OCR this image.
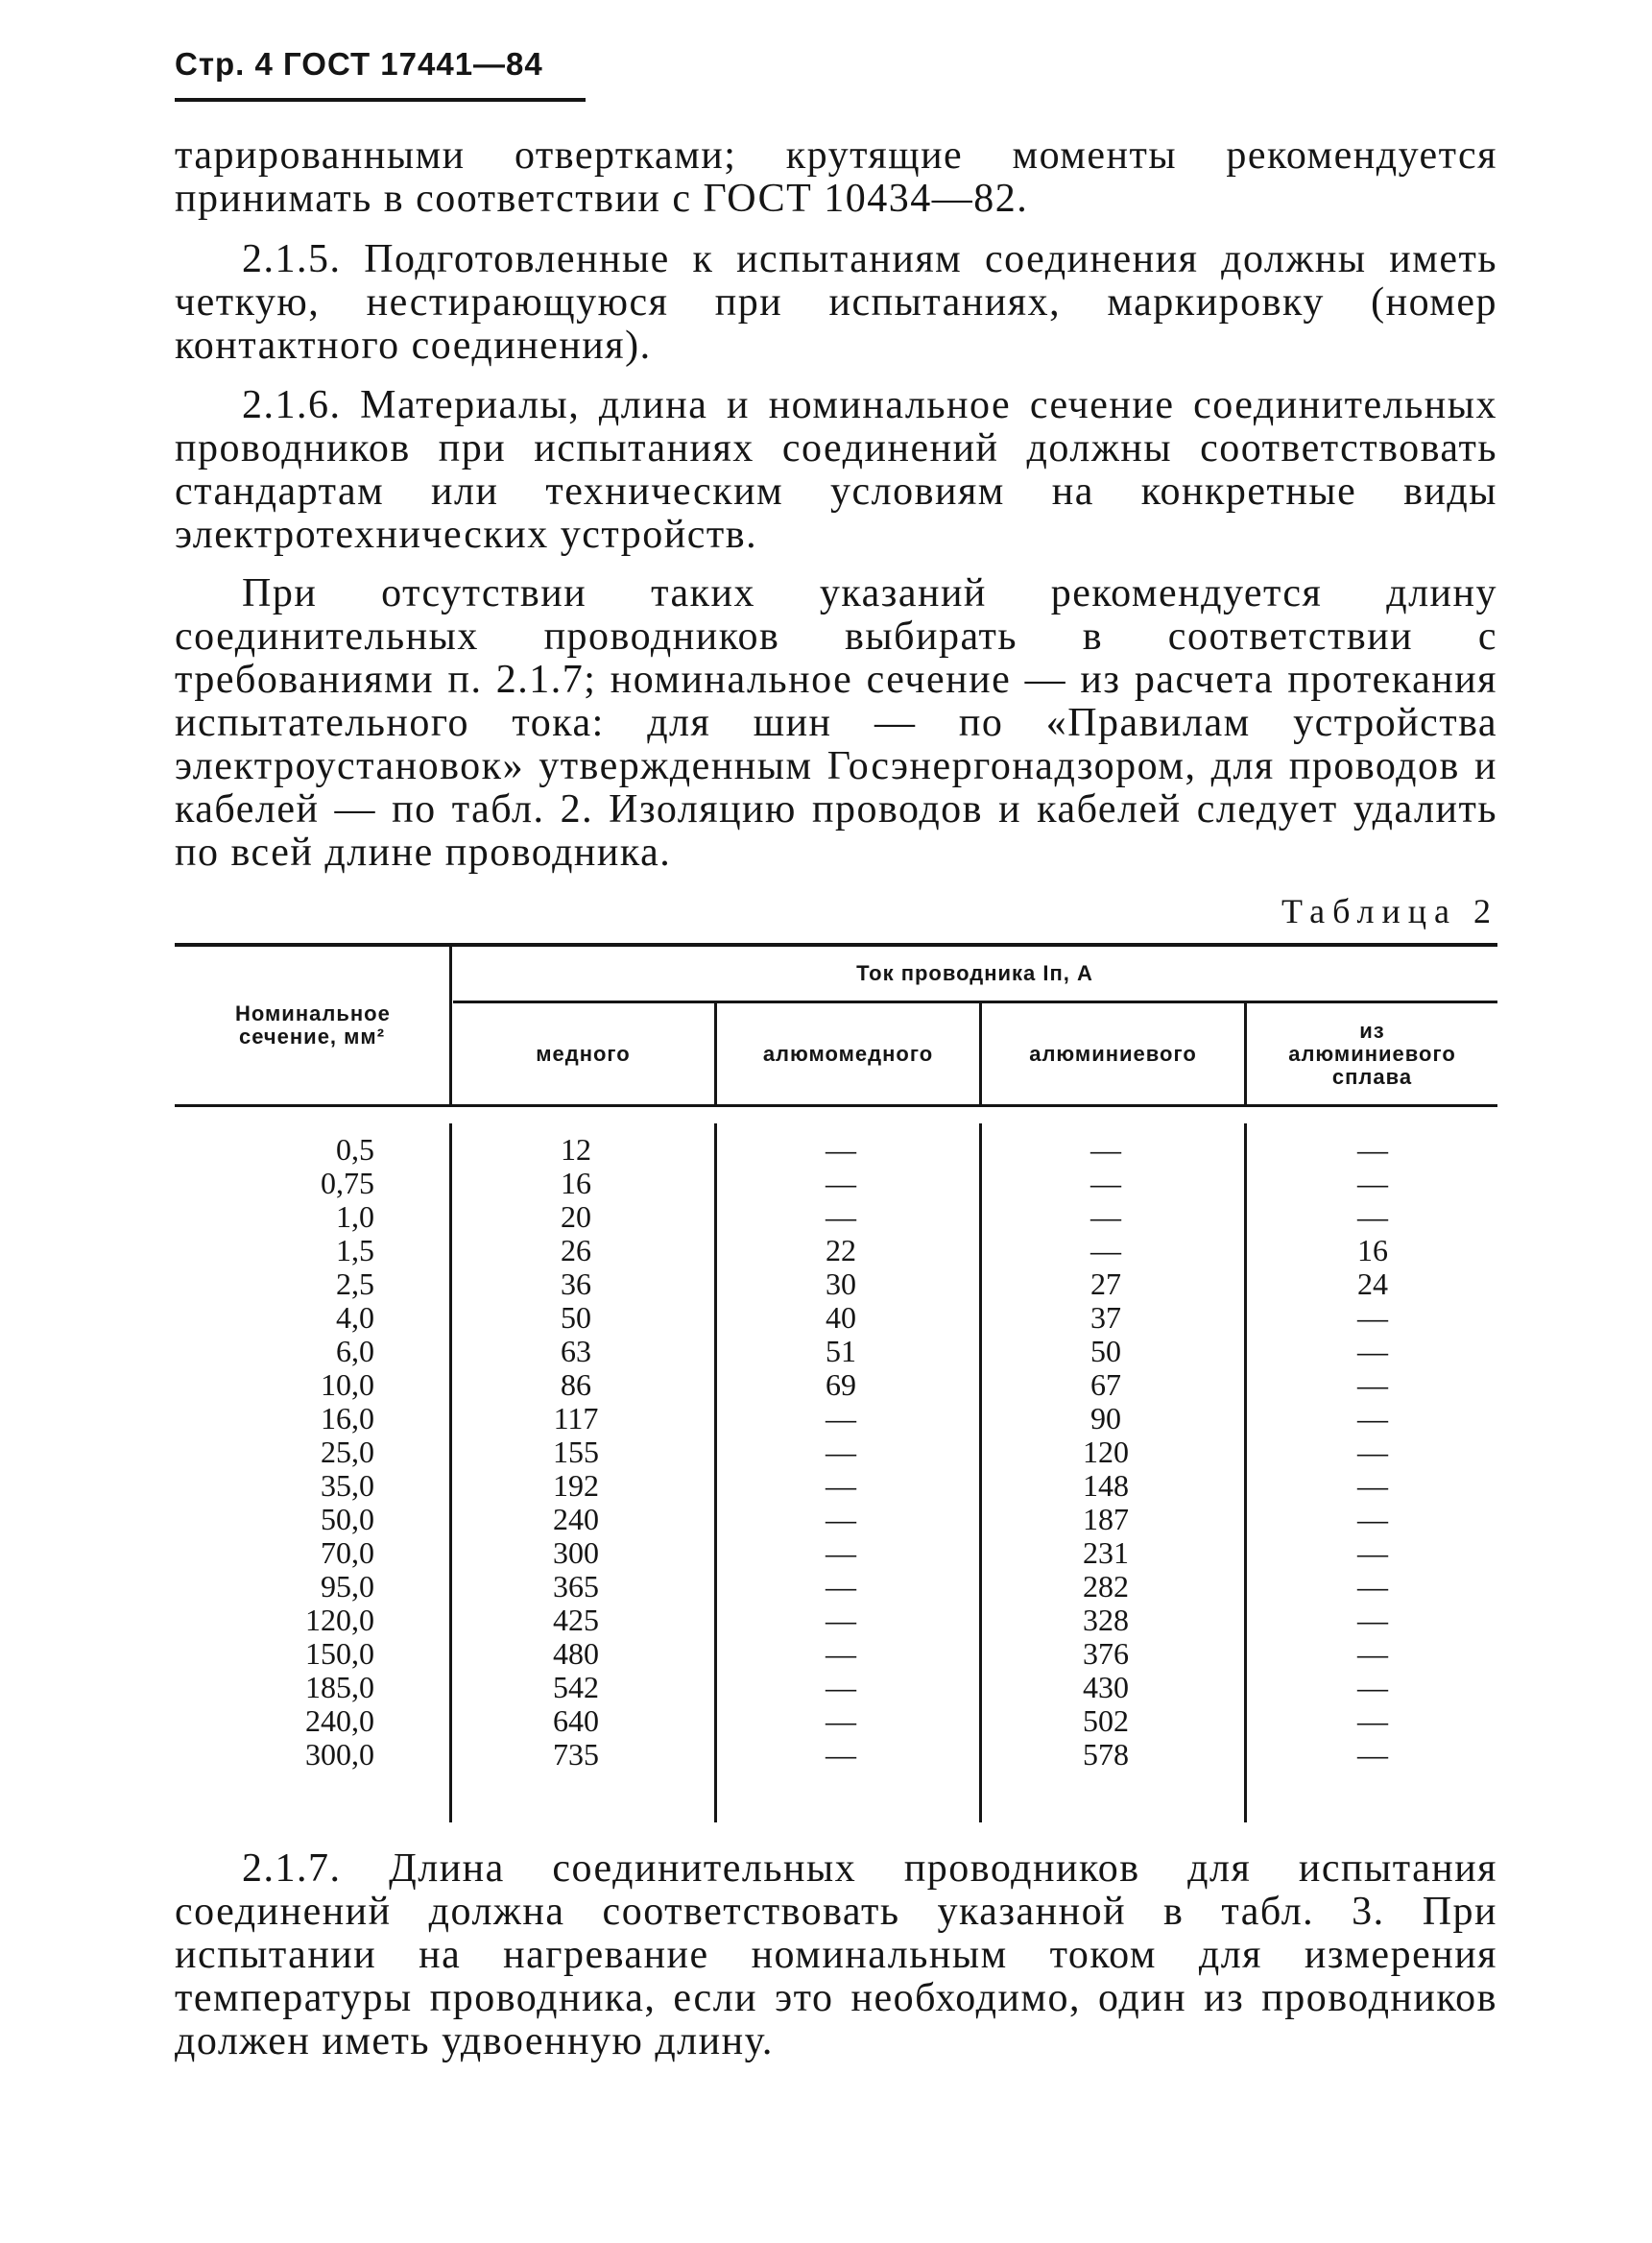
Стр. 4 ГОСТ 17441—84

тарированными отвертками; крутящие моменты рекомендуется принимать в соответствии с ГОСТ 10434—82.

2.1.5. Подготовленные к испытаниям соединения должны иметь четкую, нестирающуюся при испытаниях, маркировку (номер контактного соединения).

2.1.6. Материалы, длина и номинальное сечение соединительных проводников при испытаниях соединений должны соответствовать стандартам или техническим условиям на конкретные виды электротехнических устройств.

При отсутствии таких указаний рекомендуется длину соединительных проводников выбирать в соответствии с требованиями п. 2.1.7; номинальное сечение — из расчета протекания испытательного тока: для шин — по «Правилам устройства электроустановок» утвержденным Госэнергонадзором, для проводов и кабелей — по табл. 2. Изоляцию проводов и кабелей следует удалить по всей длине проводника.

Таблица 2
Номинальное сечение, мм²
Ток проводника Iп, А
медного	алюмомедного	алюминиевого
из алюминиевого сплава
0,5
0,75
1,0
1,5
2,5
4,0
6,0
10,0
16,0
25,0
35,0
50,0
70,0
95,0
120,0
150,0
185,0
240,0
300,0
12
16
20
26
36
50
63
86
117
155
192
240
300
365
425
480
542
640
735
—
—
—
22
30
40
51
69
—
—
—
—
—
—
—
—
—
—
—
—
—
—
—
27
37
50
67
90
120
148
187
231
282
328
376
430
502
578
—
—
—
16
24
—
—
—
—
—
—
—
—
—
—
—
—
—
—

2.1.7. Длина соединительных проводников для испытания соединений должна соответствовать указанной в табл. 3. При испытании на нагревание номинальным током для измерения температуры проводника, если это необходимо, один из проводников должен иметь удвоенную длину.
